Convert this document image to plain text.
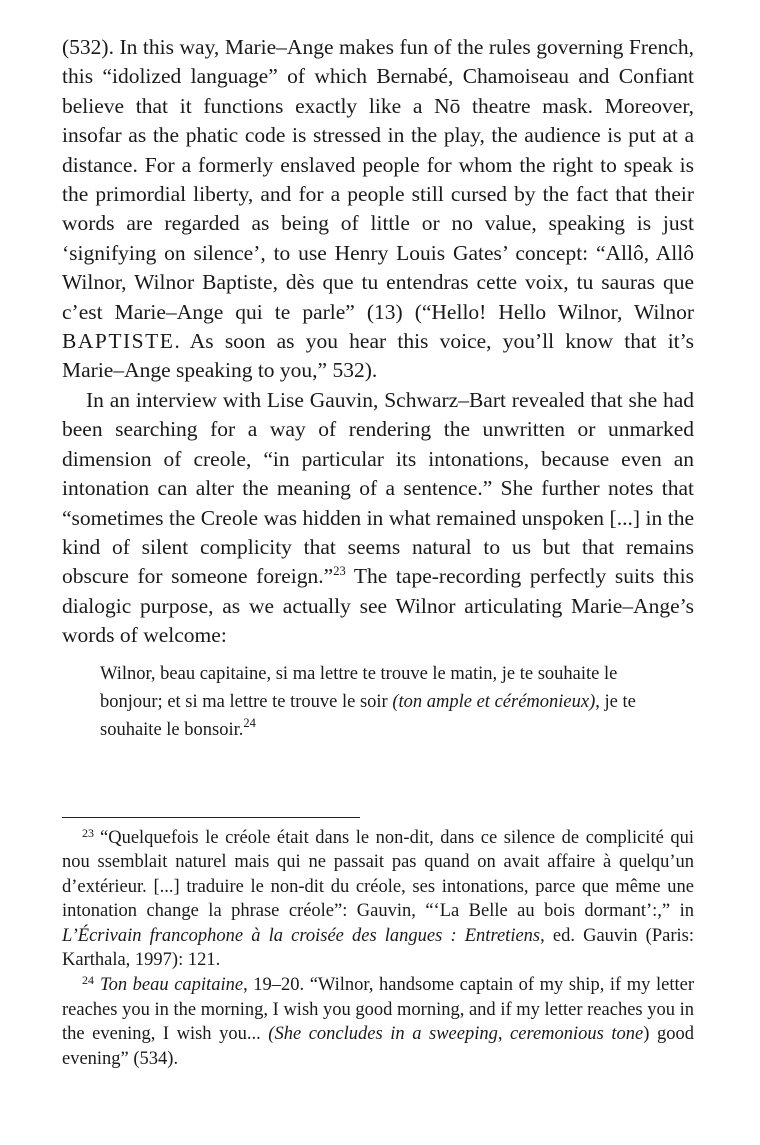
(532). In this way, Marie–Ange makes fun of the rules governing French, this “idolized language” of which Bernabé, Chamoiseau and Confiant believe that it functions exactly like a Nō theatre mask. Moreover, insofar as the phatic code is stressed in the play, the audience is put at a distance. For a formerly enslaved people for whom the right to speak is the primordial liberty, and for a people still cursed by the fact that their words are regarded as being of little or no value, speaking is just ‘signifying on silence’, to use Henry Louis Gates’ concept: “Allô, Allô Wilnor, Wilnor Baptiste, dès que tu entendras cette voix, tu sauras que c’est Marie–Ange qui te parle” (13) (“Hello! Hello Wilnor, Wilnor BAPTISTE. As soon as you hear this voice, you’ll know that it’s Marie–Ange speaking to you,” 532).

In an interview with Lise Gauvin, Schwarz–Bart revealed that she had been searching for a way of rendering the unwritten or unmarked dimension of creole, “in particular its intonations, because even an intonation can alter the meaning of a sentence.” She further notes that “sometimes the Creole was hidden in what remained unspoken [...] in the kind of silent complicity that seems natural to us but that remains obscure for someone foreign.”$^{23}$ The tape-recording perfectly suits this dialogic purpose, as we actually see Wilnor articulating Marie–Ange’s words of welcome:

Wilnor, beau capitaine, si ma lettre te trouve le matin, je te souhaite le bonjour; et si ma lettre te trouve le soir (ton ample et cérémonieux), je te souhaite le bonsoir.$^{24}$

$^{23}$ “Quelquefois le créole était dans le non-dit, dans ce silence de complicité qui nou ssemblait naturel mais qui ne passait pas quand on avait affaire à quelqu’un d’extérieur. [...] traduire le non-dit du créole, ses intonations, parce que même une intonation change la phrase créole”: Gauvin, “‘La Belle au bois dormant’:,” in L’Écrivain francophone à la croisée des langues : Entretiens, ed. Gauvin (Paris: Karthala, 1997): 121.

$^{24}$ Ton beau capitaine, 19–20. “Wilnor, handsome captain of my ship, if my letter reaches you in the morning, I wish you good morning, and if my letter reaches you in the evening, I wish you... (She concludes in a sweeping, ceremonious tone) good evening” (534).
